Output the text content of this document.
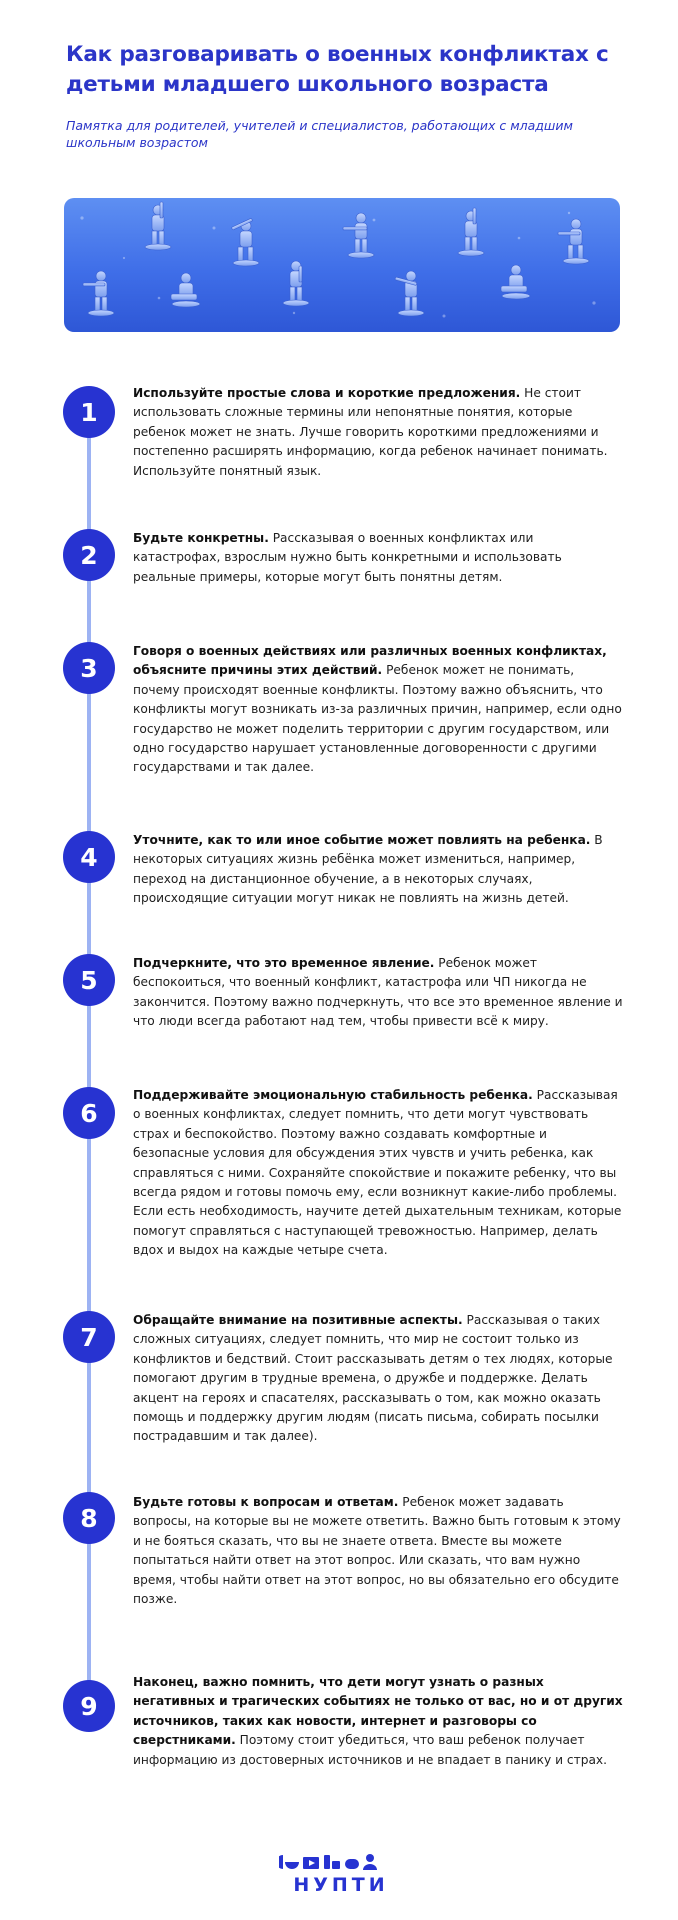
Как разговаривать о военных конфликтах с детьми младшего школьного возраста

Памятка для родителей, учителей и специалистов, работающих с младшим школьным возрастом

1

Используйте простые слова и короткие предложения. Не стоит использовать сложные термины или непонятные понятия, которые ребенок может не знать. Лучше говорить короткими предложениями и постепенно расширять информацию, когда ребенок начинает понимать. Используйте понятный язык.

2

Будьте конкретны. Рассказывая о военных конфликтах или катастрофах, взрослым нужно быть конкретными и использовать реальные примеры, которые могут быть понятны детям.

3

Говоря о военных действиях или различных военных конфликтах, объясните причины этих действий. Ребенок может не понимать, почему происходят военные конфликты. Поэтому важно объяснить, что конфликты могут возникать из-за различных причин, например, если одно государство не может поделить территории с другим государством, или одно государство нарушает установленные договоренности с другими государствами и так далее.

4

Уточните, как то или иное событие может повлиять на ребенка. В некоторых ситуациях жизнь ребёнка может измениться, например, переход на дистанционное обучение, а в некоторых случаях, происходящие ситуации могут никак не повлиять на жизнь детей.

5

Подчеркните, что это временное явление. Ребенок может беспокоиться, что военный конфликт, катастрофа или ЧП никогда не закончится. Поэтому важно подчеркнуть, что все это временное явление и что люди всегда работают над тем, чтобы привести всё к миру.

6

Поддерживайте эмоциональную стабильность ребенка. Рассказывая о военных конфликтах, следует помнить, что дети могут чувствовать страх и беспокойство. Поэтому важно создавать комфортные и безопасные условия для обсуждения этих чувств и учить ребенка, как справляться с ними. Сохраняйте спокойствие и покажите ребенку, что вы всегда рядом и готовы помочь ему, если возникнут какие-либо проблемы. Если есть необходимость, научите детей дыхательным техникам, которые помогут справляться с наступающей тревожностью. Например, делать вдох и выдох на каждые четыре счета.

7

Обращайте внимание на позитивные аспекты. Рассказывая о таких сложных ситуациях, следует помнить, что мир не состоит только из конфликтов и бедствий. Стоит рассказывать детям о тех людях, которые помогают другим в трудные времена, о дружбе и поддержке. Делать акцент на героях и спасателях, рассказывать о том, как можно оказать помощь и поддержку другим людям (писать письма, собирать посылки пострадавшим и так далее).

8

Будьте готовы к вопросам и ответам. Ребенок может задавать вопросы, на которые вы не можете ответить. Важно быть готовым к этому и не бояться сказать, что вы не знаете ответа. Вместе вы можете попытаться найти ответ на этот вопрос. Или сказать, что вам нужно время, чтобы найти ответ на этот вопрос, но вы обязательно его обсудите позже.

9

Наконец, важно помнить, что дети могут узнать о разных негативных и трагических событиях не только от вас, но и от других источников, таких как новости, интернет и разговоры со сверстниками. Поэтому стоит убедиться, что ваш ребенок получает информацию из достоверных источников и не впадает в панику и страх.

НУПТИ
